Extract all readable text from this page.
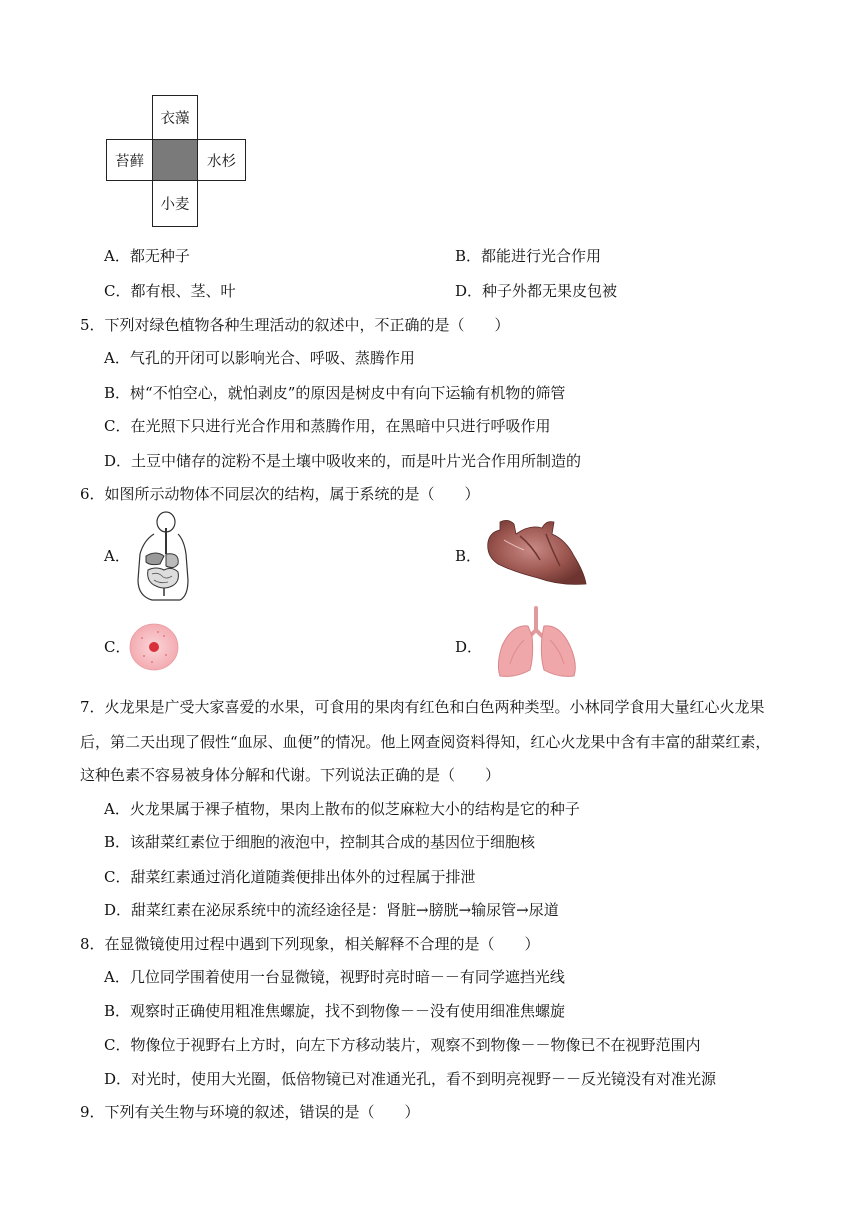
衣藻
苔藓	水杉
小麦
A．都无种子	B．都能进行光合作用
C．都有根、茎、叶	D．种子外都无果皮包被
5．下列对绿色植物各种生理活动的叙述中，不正确的是（　　）
A．气孔的开闭可以影响光合、呼吸、蒸腾作用
B．树“不怕空心，就怕剥皮”的原因是树皮中有向下运输有机物的筛管
C．在光照下只进行光合作用和蒸腾作用，在黑暗中只进行呼吸作用
D．土豆中储存的淀粉不是土壤中吸收来的，而是叶片光合作用所制造的
6．如图所示动物体不同层次的结构，属于系统的是（　　）
A．	B．
C．	D．
7．火龙果是广受大家喜爱的水果，可食用的果肉有红色和白色两种类型。小林同学食用大量红心火龙果
后，第二天出现了假性“血尿、血便”的情况。他上网查阅资料得知，红心火龙果中含有丰富的甜菜红素，
这种色素不容易被身体分解和代谢。下列说法正确的是（　　）
A．火龙果属于裸子植物，果肉上散布的似芝麻粒大小的结构是它的种子
B．该甜菜红素位于细胞的液泡中，控制其合成的基因位于细胞核
C．甜菜红素通过消化道随粪便排出体外的过程属于排泄
D．甜菜红素在泌尿系统中的流经途径是：肾脏→膀胱→输尿管→尿道
8．在显微镜使用过程中遇到下列现象，相关解释不合理的是（　　）
A．几位同学围着使用一台显微镜，视野时亮时暗－－有同学遮挡光线
B．观察时正确使用粗准焦螺旋，找不到物像－－没有使用细准焦螺旋
C．物像位于视野右上方时，向左下方移动装片，观察不到物像－－物像已不在视野范围内
D．对光时，使用大光圈，低倍物镜已对准通光孔，看不到明亮视野－－反光镜没有对准光源
9．下列有关生物与环境的叙述，错误的是（　　）
